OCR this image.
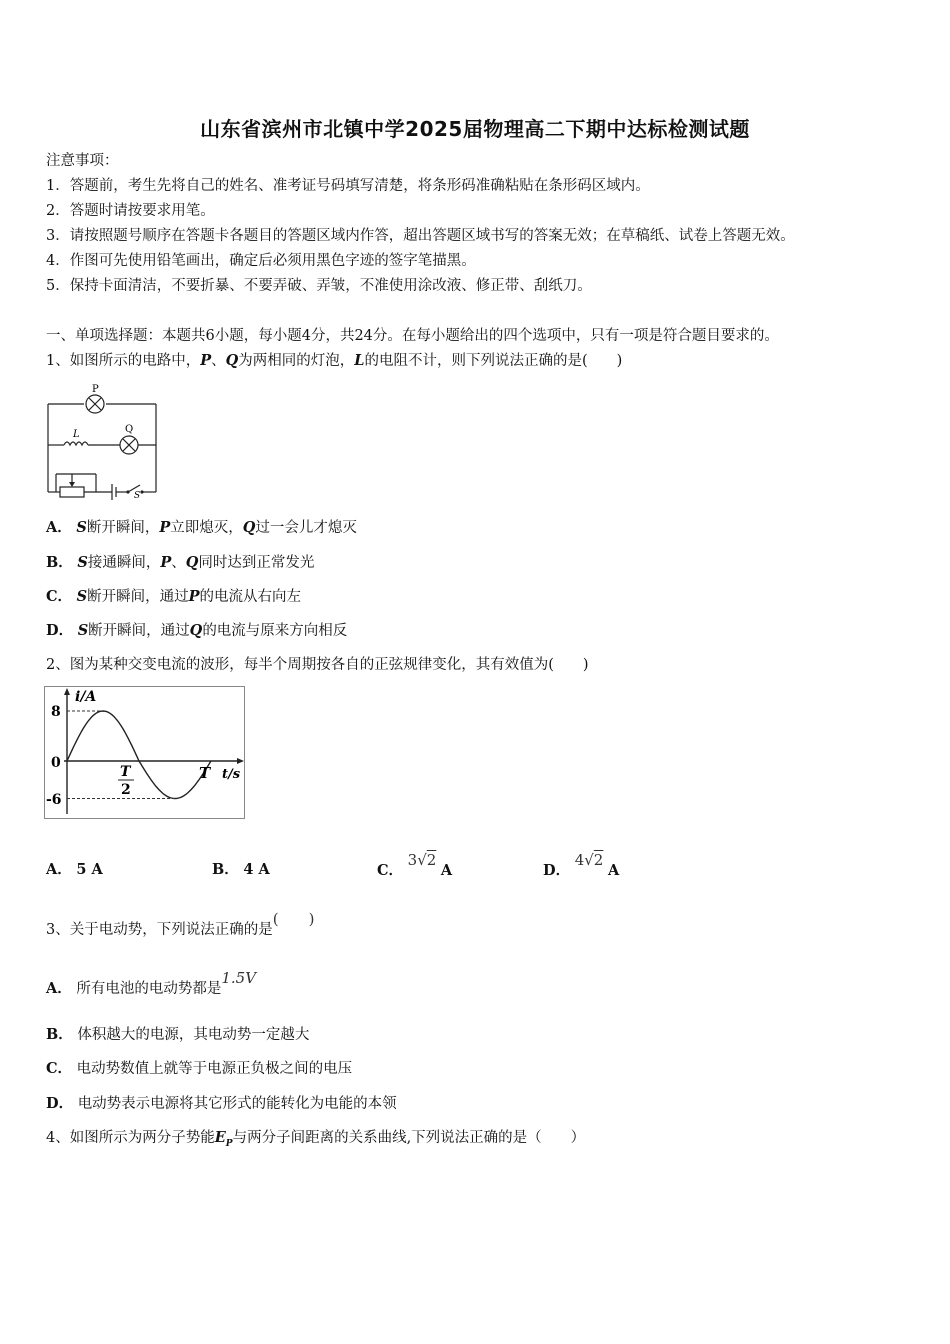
山东省滨州市北镇中学2025届物理高二下期中达标检测试题
注意事项：
1．答题前，考生先将自己的姓名、准考证号码填写清楚，将条形码准确粘贴在条形码区域内。
2．答题时请按要求用笔。
3．请按照题号顺序在答题卡各题目的答题区域内作答，超出答题区域书写的答案无效；在草稿纸、试卷上答题无效。
4．作图可先使用铅笔画出，确定后必须用黑色字迹的签字笔描黑。
5．保持卡面清洁，不要折暴、不要弄破、弄皱，不准使用涂改液、修正带、刮纸刀。
一、单项选择题：本题共6小题，每小题4分，共24分。在每小题给出的四个选项中，只有一项是符合题目要求的。
1、如图所示的电路中，P、Q为两相同的灯泡，L的电阻不计，则下列说法正确的是(　　)
P
L	Q
S
A． S断开瞬间，P立即熄灭，Q过一会儿才熄灭
B． S接通瞬间，P、Q同时达到正常发光
C． S断开瞬间，通过P的电流从右向左
D． S断开瞬间，通过Q的电流与原来方向相反
2、图为某种交变电流的波形，每半个周期按各自的正弦规律变化，其有效值为(　　)
i/A
8
0
-6
T
2
T t/s
A． 5 A	B． 4 A	C． 3√2 A	D． 4√2 A
3、关于电动势，下列说法正确的是(　　)
A． 所有电池的电动势都是1.5V
B． 体积越大的电源，其电动势一定越大
C． 电动势数值上就等于电源正负极之间的电压
D． 电动势表示电源将其它形式的能转化为电能的本领
4、如图所示为两分子势能$E_P$与两分子间距离的关系曲线,下列说法正确的是（　　）
